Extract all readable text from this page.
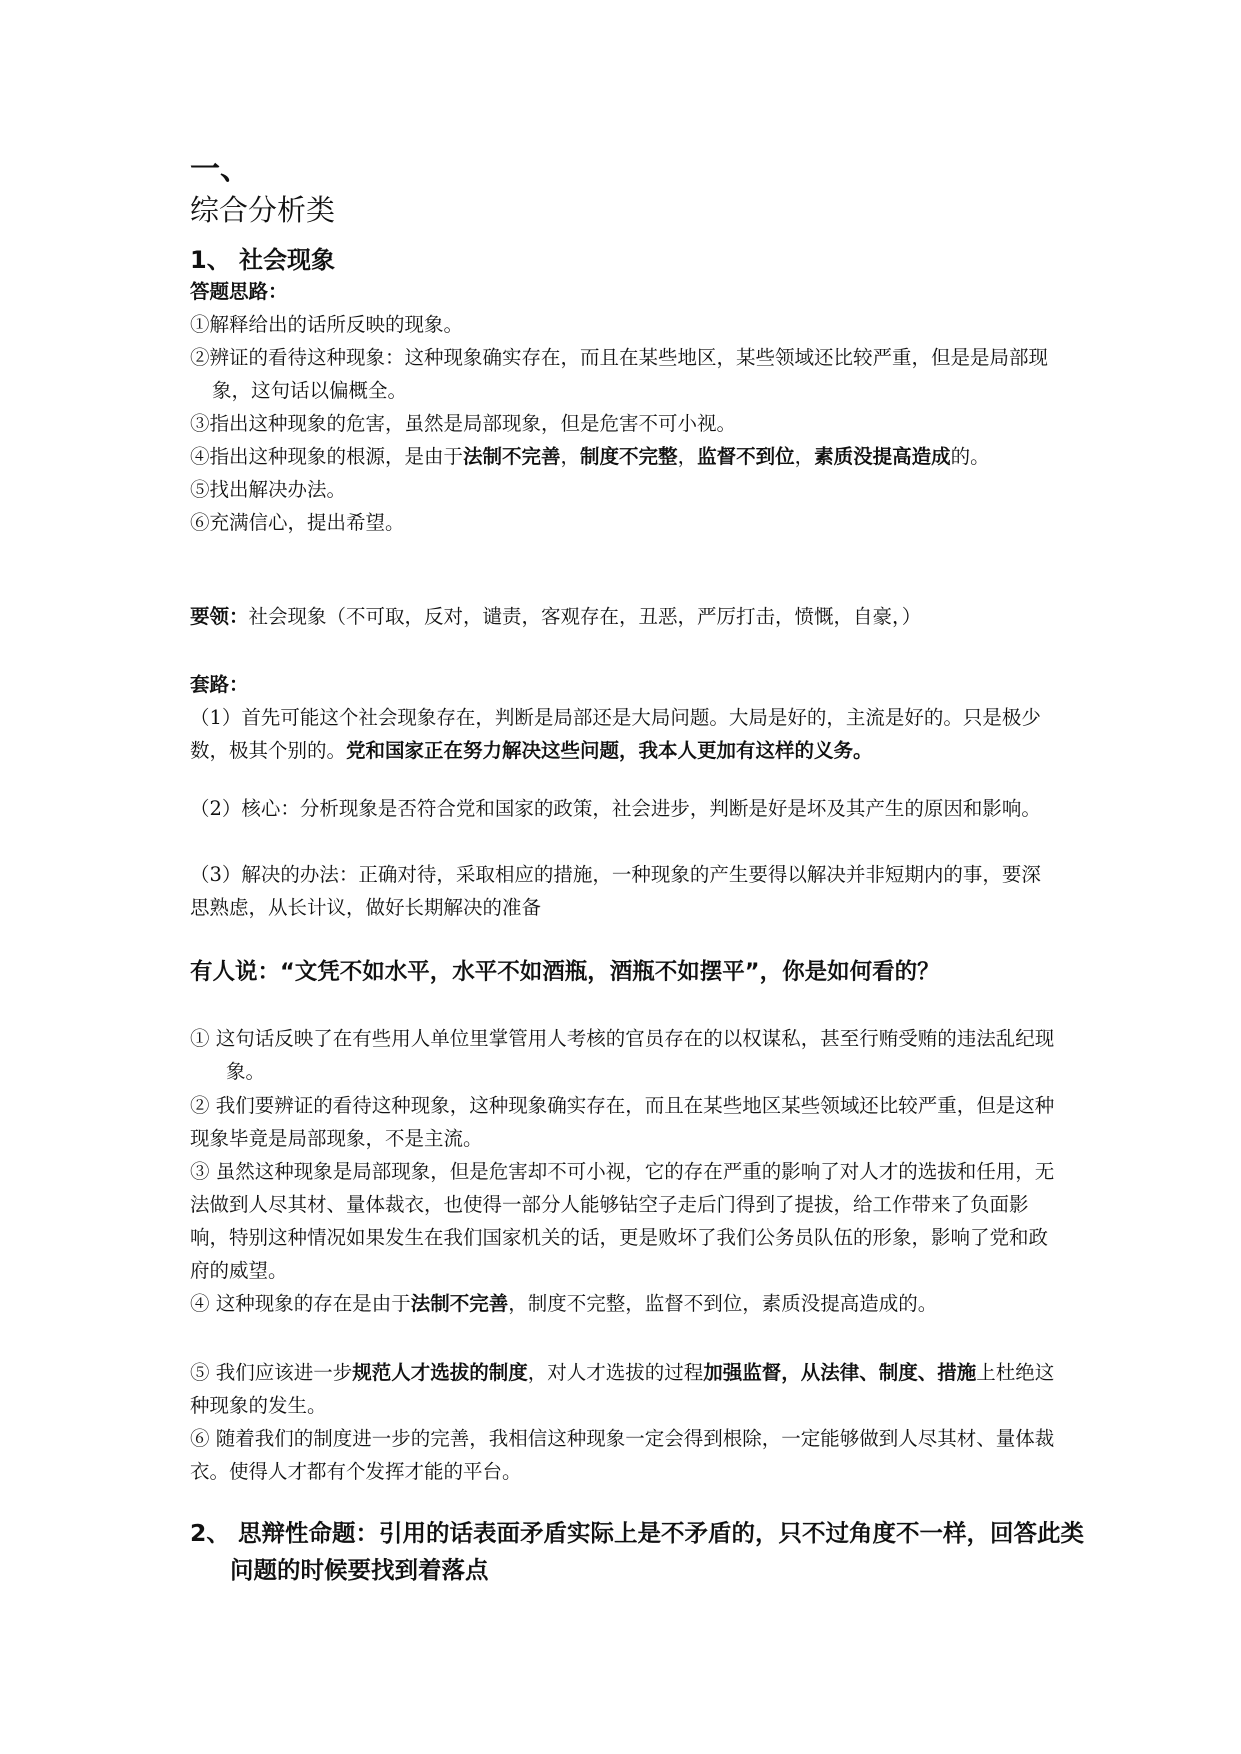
一、
综合分析类
1、 社会现象
答题思路：

①解释给出的话所反映的现象。

②辨证的看待这种现象：这种现象确实存在，而且在某些地区，某些领域还比较严重，但是是局部现象，这句话以偏概全。

③指出这种现象的危害，虽然是局部现象，但是危害不可小视。

④指出这种现象的根源，是由于法制不完善，制度不完整，监督不到位，素质没提高造成的。

⑤找出解决办法。

⑥充满信心，提出希望。

要领：社会现象（不可取，反对，谴责，客观存在，丑恶，严厉打击，愤慨，自豪，）

套路：

（1）首先可能这个社会现象存在，判断是局部还是大局问题。大局是好的，主流是好的。只是极少数，极其个别的。党和国家正在努力解决这些问题，我本人更加有这样的义务。

（2）核心：分析现象是否符合党和国家的政策，社会进步，判断是好是坏及其产生的原因和影响。

（3）解决的办法：正确对待，采取相应的措施，一种现象的产生要得以解决并非短期内的事，要深思熟虑，从长计议，做好长期解决的准备

有人说：“文凭不如水平，水平不如酒瓶，酒瓶不如摆平”，你是如何看的？

① 这句话反映了在有些用人单位里掌管用人考核的官员存在的以权谋私，甚至行贿受贿的违法乱纪现象。

② 我们要辨证的看待这种现象，这种现象确实存在，而且在某些地区某些领域还比较严重，但是这种现象毕竟是局部现象，不是主流。

③ 虽然这种现象是局部现象，但是危害却不可小视，它的存在严重的影响了对人才的选拔和任用，无法做到人尽其材、量体裁衣，也使得一部分人能够钻空子走后门得到了提拔，给工作带来了负面影响，特别这种情况如果发生在我们国家机关的话，更是败坏了我们公务员队伍的形象，影响了党和政府的威望。

④ 这种现象的存在是由于法制不完善，制度不完整，监督不到位，素质没提高造成的。

⑤ 我们应该进一步规范人才选拔的制度，对人才选拔的过程加强监督，从法律、制度、措施上杜绝这种现象的发生。

⑥ 随着我们的制度进一步的完善，我相信这种现象一定会得到根除，一定能够做到人尽其材、量体裁衣。使得人才都有个发挥才能的平台。

2、 思辩性命题：引用的话表面矛盾实际上是不矛盾的，只不过角度不一样，回答此类问题的时候要找到着落点
